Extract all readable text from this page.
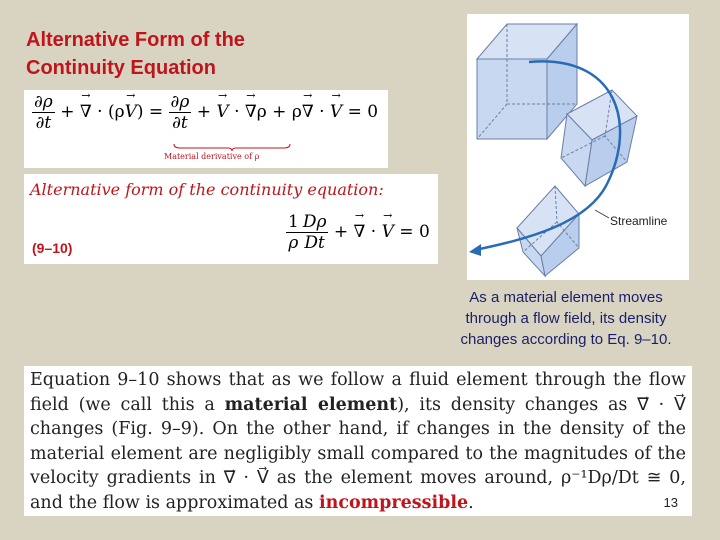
Alternative Form of the
Continuity Equation
$\frac{\partial\rho}{\partial t}$ + → ∇ · $(\rho\to V) = \frac{\partial\rho}{\partial t}$ + → V · → ∇ρ + ρ→ ∇ · → V = 0
Material derivative of ρ
Alternative form of the continuity equation:
$\frac{1}{\rho} \frac{D\rho}{Dt}$ + → ∇ · → V = 0
(9–10)
Streamline
As a material element moves
through a flow field, its density
changes according to Eq. 9–10.
Equation 9–10 shows that as we follow a fluid element through the flow field (we call this a material element), its density changes as ∇⃗ · V⃗ changes (Fig. 9–9). On the other hand, if changes in the density of the material element are negligibly small compared to the magnitudes of the velocity gradients in ∇⃗ · V⃗ as the element moves around, ρ⁻¹Dρ/Dt ≅ 0, and the flow is approximated as incompressible.	13
